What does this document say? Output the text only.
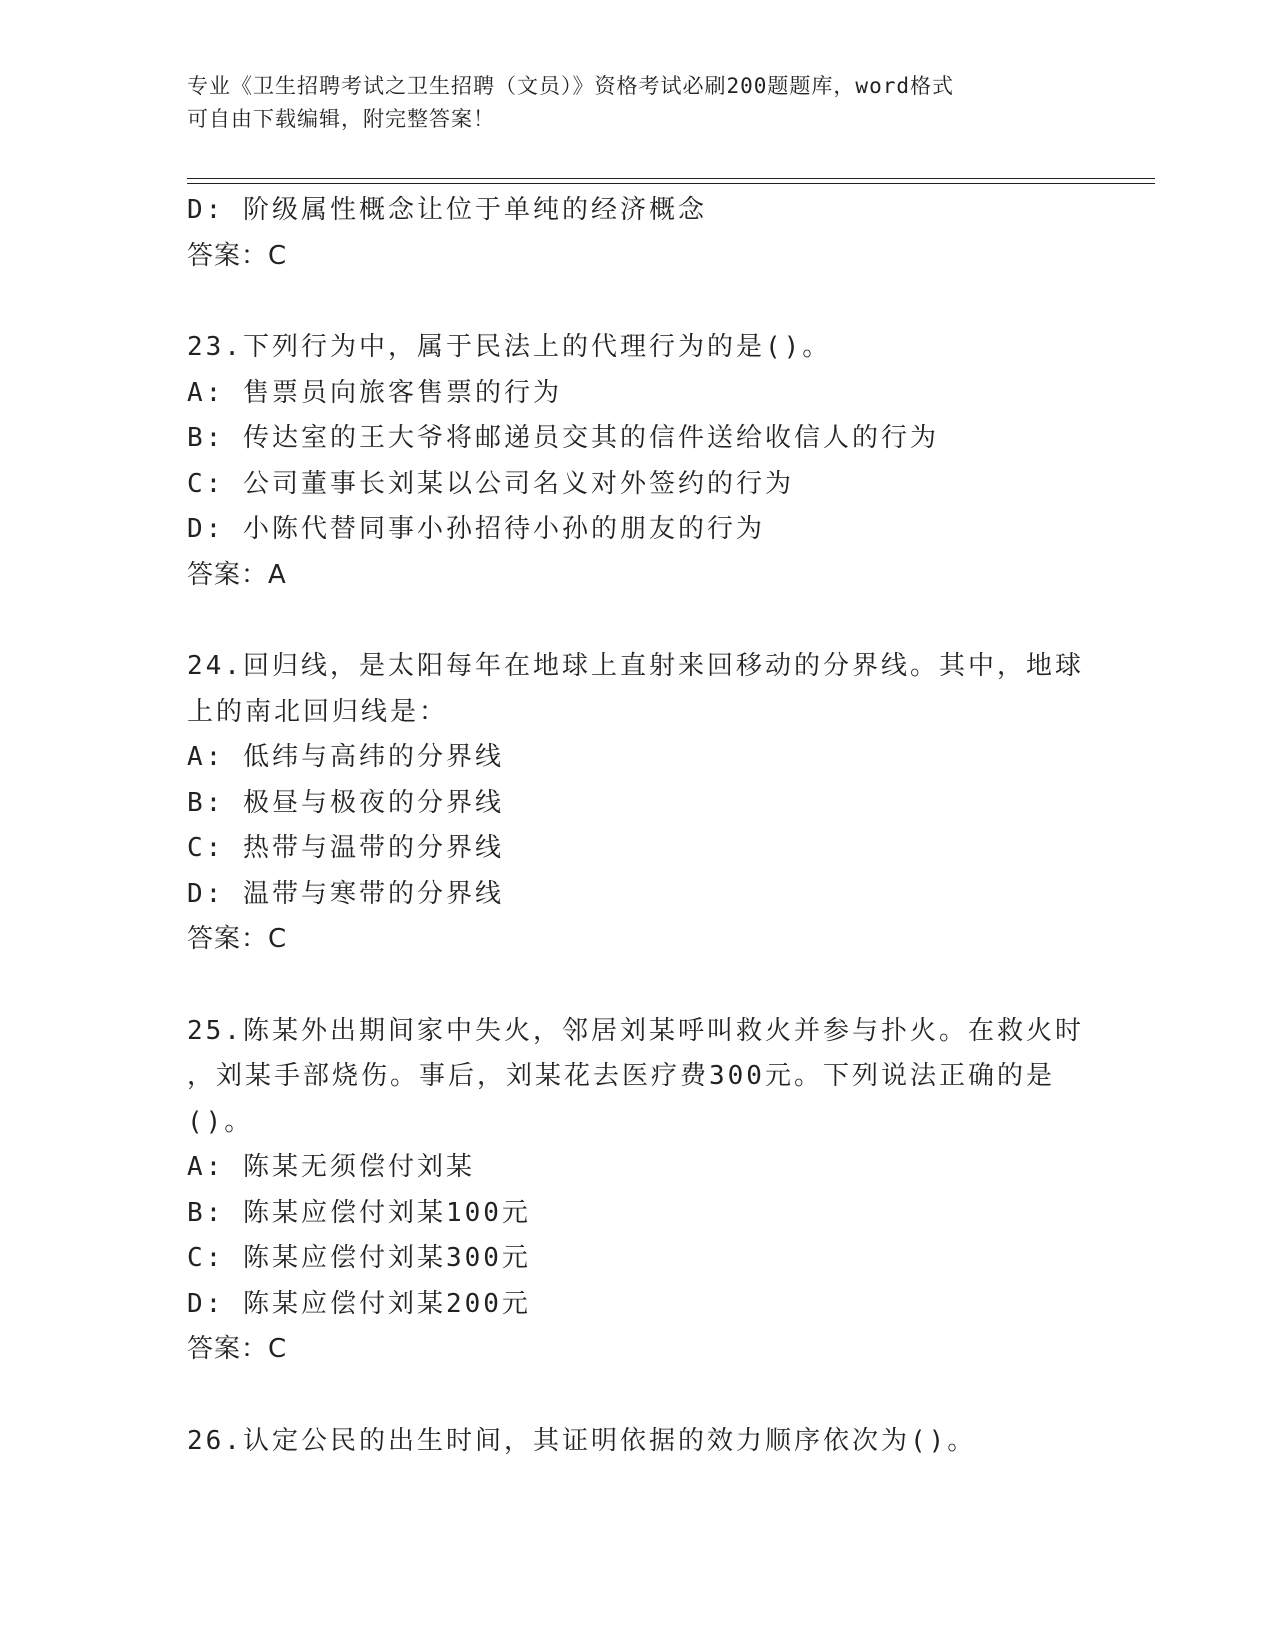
专业《卫生招聘考试之卫生招聘（文员）》资格考试必刷200题题库，word格式
可自由下载编辑，附完整答案！
D: 阶级属性概念让位于单纯的经济概念
答案：C
23.下列行为中，属于民法上的代理行为的是()。
A: 售票员向旅客售票的行为
B: 传达室的王大爷将邮递员交其的信件送给收信人的行为
C: 公司董事长刘某以公司名义对外签约的行为
D: 小陈代替同事小孙招待小孙的朋友的行为
答案：A
24.回归线，是太阳每年在地球上直射来回移动的分界线。其中，地球
上的南北回归线是：
A: 低纬与高纬的分界线
B: 极昼与极夜的分界线
C: 热带与温带的分界线
D: 温带与寒带的分界线
答案：C
25.陈某外出期间家中失火，邻居刘某呼叫救火并参与扑火。在救火时
，刘某手部烧伤。事后，刘某花去医疗费300元。下列说法正确的是
()。
A: 陈某无须偿付刘某
B: 陈某应偿付刘某100元
C: 陈某应偿付刘某300元
D: 陈某应偿付刘某200元
答案：C
26.认定公民的出生时间，其证明依据的效力顺序依次为()。
